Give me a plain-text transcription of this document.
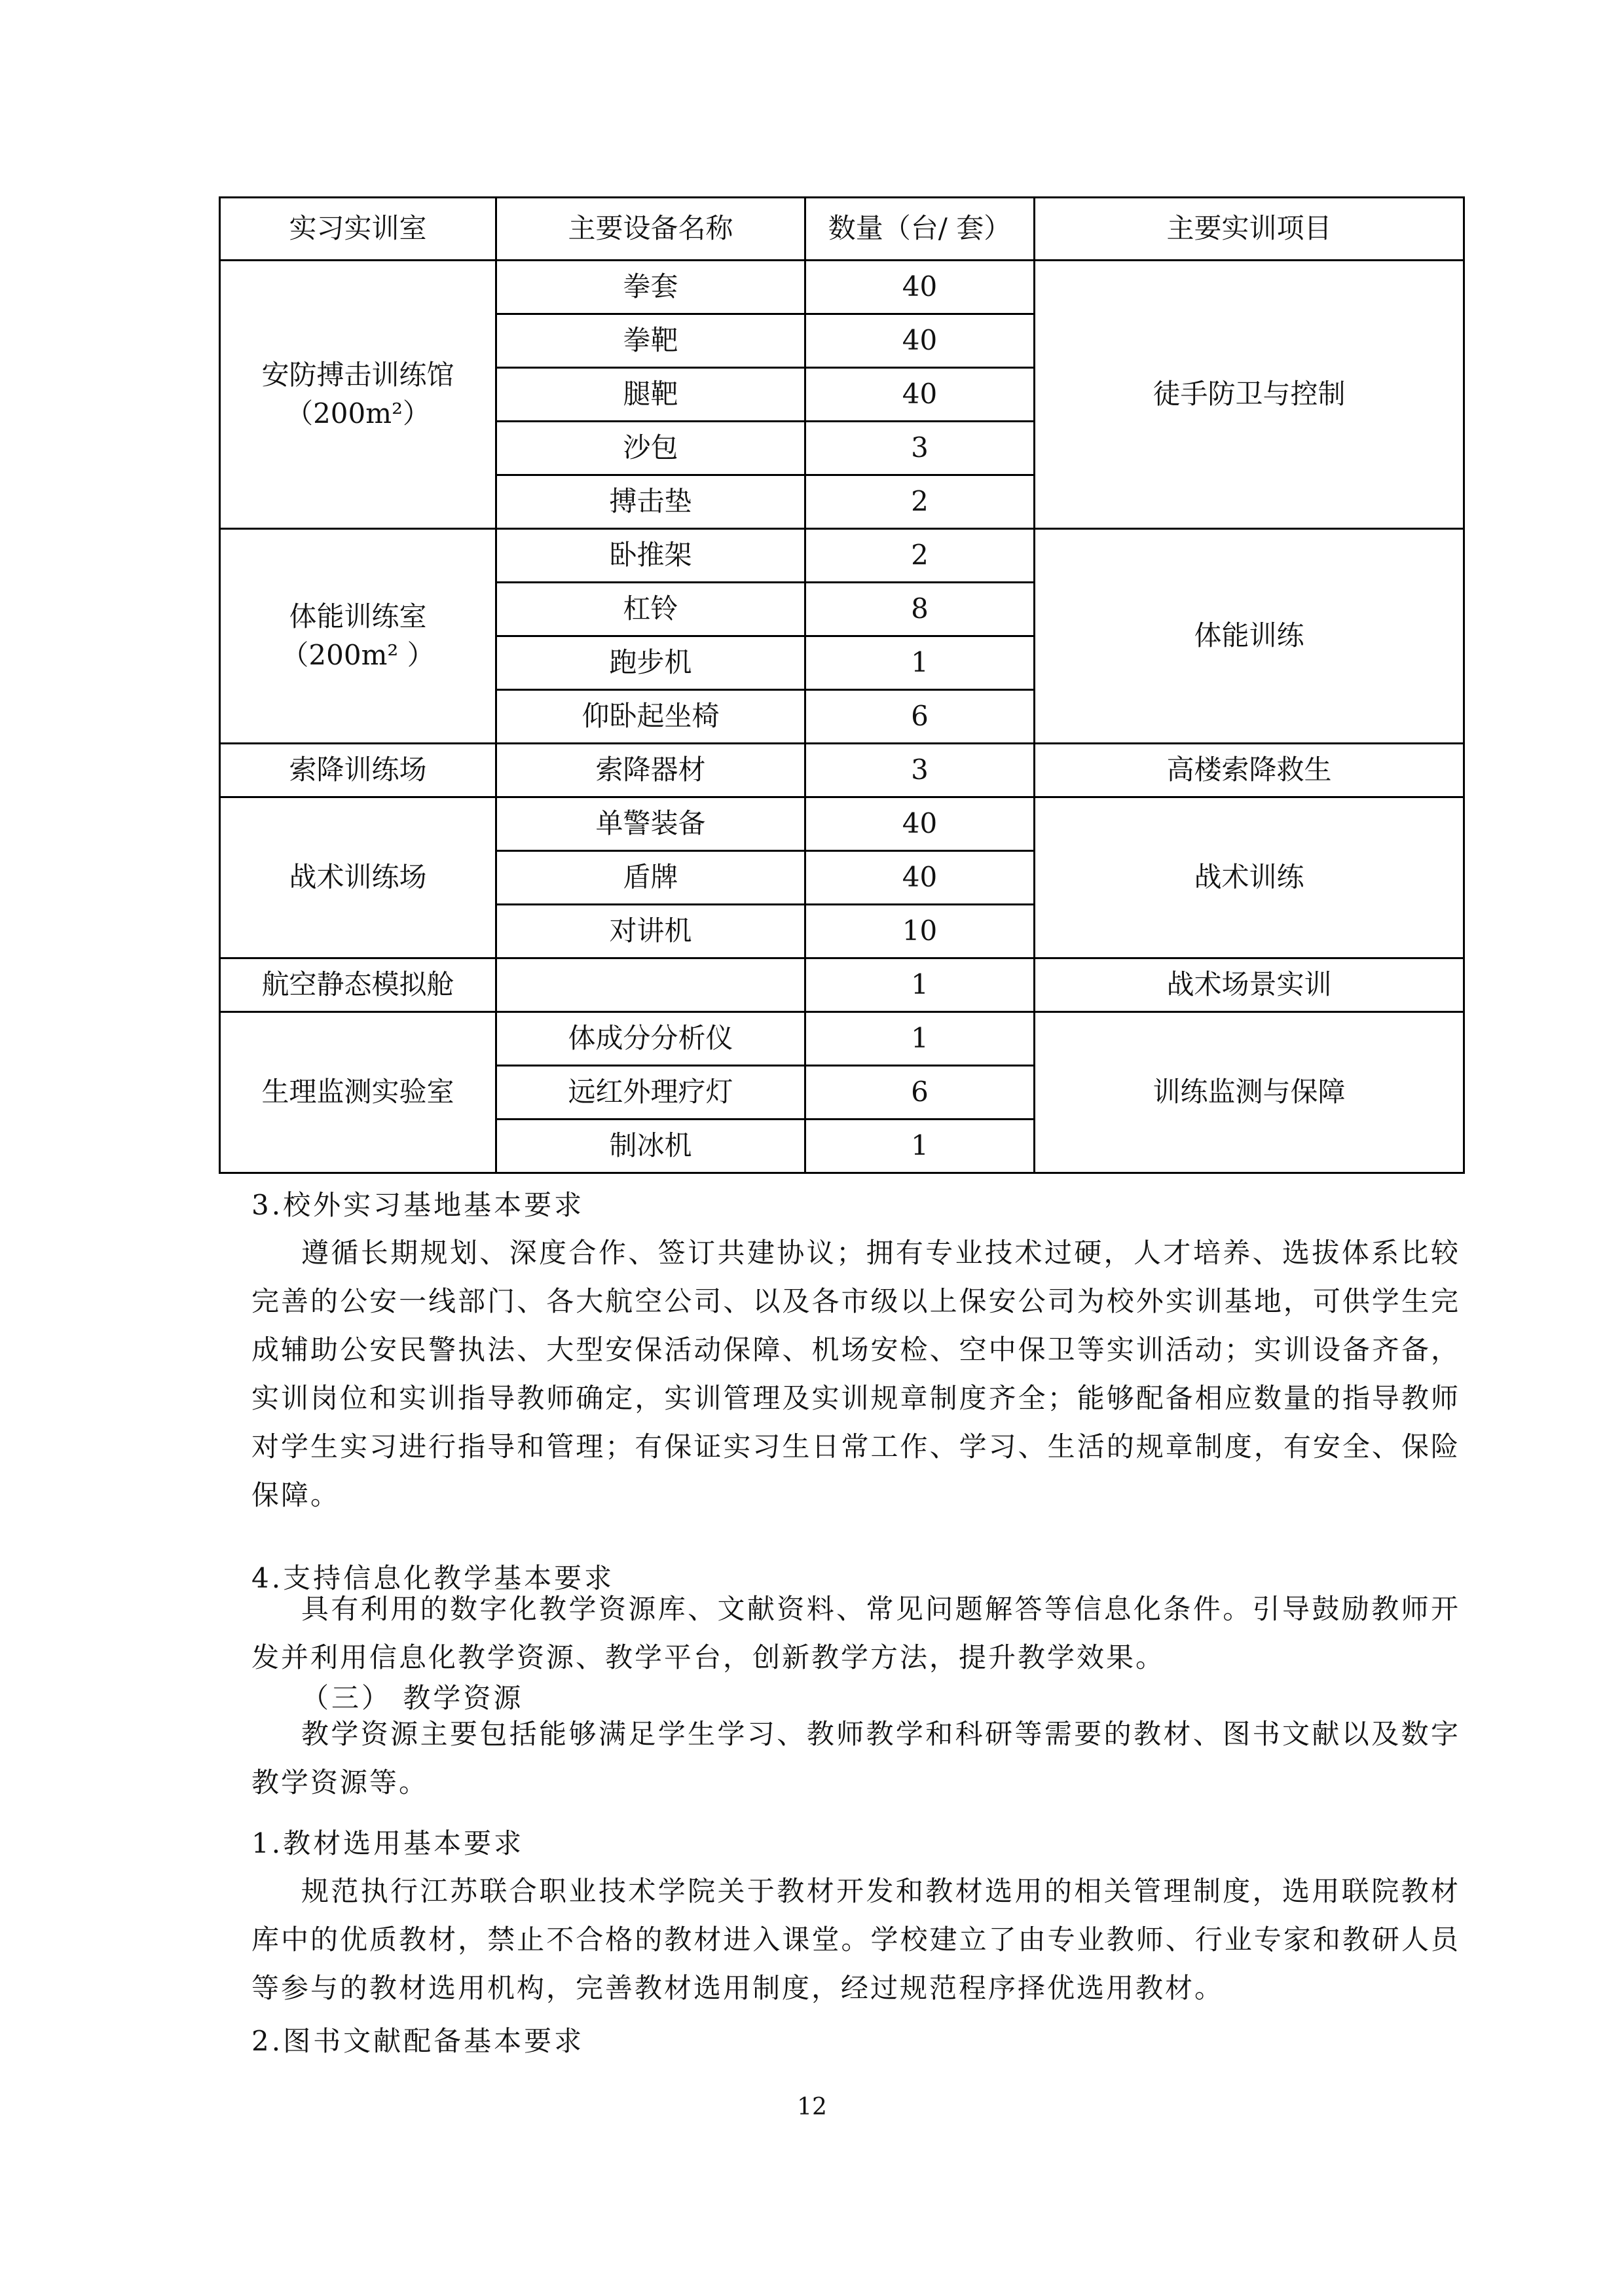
实习实训室	主要设备名称	数量（台/ 套）	主要实训项目

安防搏击训练馆
（200m²）	拳套	40	徒手防卫与控制
	拳靶	40	
	腿靶	40	
	沙包	3	
	搏击垫	2	

体能训练室
（200m² ）	卧推架	2	体能训练
	杠铃	8	
	跑步机	1	
	仰卧起坐椅	6	

索降训练场	索降器材	3	高楼索降救生

战术训练场	单警装备	40	战术训练
	盾牌	40	
	对讲机	10	

航空静态模拟舱		1	战术场景实训

生理监测实验室	体成分分析仪	1	训练监测与保障
	远红外理疗灯	6	
	制冰机	1	
3.校外实习基地基本要求
遵循长期规划、深度合作、签订共建协议；拥有专业技术过硬，人才培养、选拔体系比较完善的公安一线部门、各大航空公司、以及各市级以上保安公司为校外实训基地，可供学生完成辅助公安民警执法、大型安保活动保障、机场安检、空中保卫等实训活动；实训设备齐备，实训岗位和实训指导教师确定，实训管理及实训规章制度齐全；能够配备相应数量的指导教师对学生实习进行指导和管理；有保证实习生日常工作、学习、生活的规章制度，有安全、保险保障。
4.支持信息化教学基本要求
具有利用的数字化教学资源库、文献资料、常见问题解答等信息化条件。引导鼓励教师开发并利用信息化教学资源、教学平台，创新教学方法，提升教学效果。
（三） 教学资源
教学资源主要包括能够满足学生学习、教师教学和科研等需要的教材、图书文献以及数字教学资源等。
1.教材选用基本要求
规范执行江苏联合职业技术学院关于教材开发和教材选用的相关管理制度，选用联院教材库中的优质教材，禁止不合格的教材进入课堂。学校建立了由专业教师、行业专家和教研人员等参与的教材选用机构，完善教材选用制度，经过规范程序择优选用教材。
2.图书文献配备基本要求
12
